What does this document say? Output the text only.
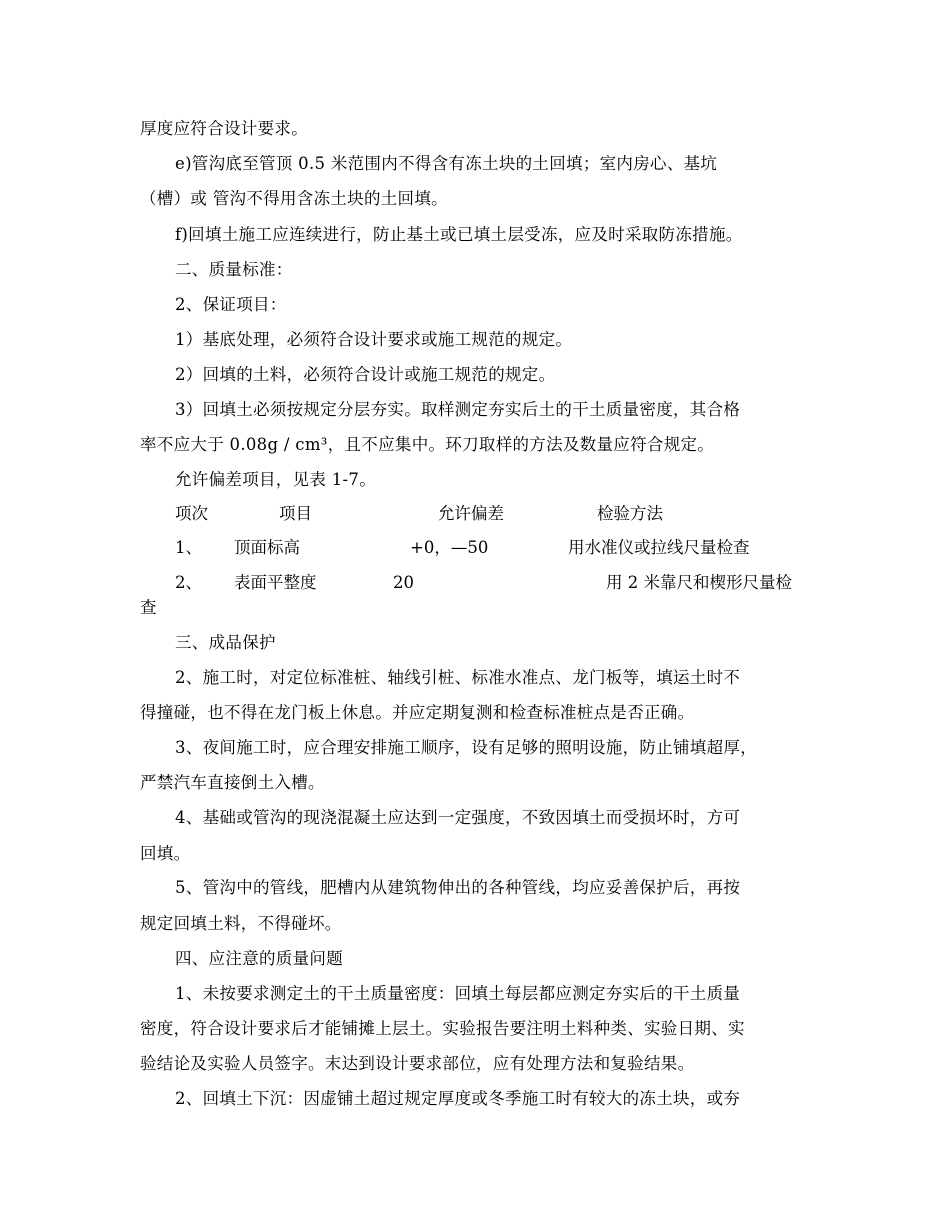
厚度应符合设计要求。
e)管沟底至管顶 0.5 米范围内不得含有冻土块的土回填；室内房心、基坑
（槽）或 管沟不得用含冻土块的土回填。
f)回填土施工应连续进行，防止基土或已填土层受冻，应及时采取防冻措施。
二、质量标准：
2、保证项目：
1）基底处理，必须符合设计要求或施工规范的规定。
2）回填的土料，必须符合设计或施工规范的规定。
3）回填土必须按规定分层夯实。取样测定夯实后土的干土质量密度，其合格
率不应大于 0.08g / cm³，且不应集中。环刀取样的方法及数量应符合规定。
允许偏差项目，见表 1-7。
项次	项目	允许偏差	检验方法
1、 顶面标高	+0，—50	用水准仪或拉线尺量检查
2、 表面平整度	20	用 2 米靠尺和楔形尺量检
查
三、成品保护
2、施工时，对定位标准桩、轴线引桩、标准水准点、龙门板等，填运土时不
得撞碰，也不得在龙门板上休息。并应定期复测和检查标准桩点是否正确。
3、夜间施工时，应合理安排施工顺序，设有足够的照明设施，防止铺填超厚，
严禁汽车直接倒土入槽。
4、基础或管沟的现浇混凝土应达到一定强度，不致因填土而受损坏时，方可
回填。
5、管沟中的管线，肥槽内从建筑物伸出的各种管线，均应妥善保护后，再按
规定回填土料，不得碰坏。
四、应注意的质量问题
1、未按要求测定土的干土质量密度：回填土每层都应测定夯实后的干土质量
密度，符合设计要求后才能铺摊上层土。实验报告要注明土料种类、实验日期、实
验结论及实验人员签字。末达到设计要求部位，应有处理方法和复验结果。
2、回填土下沉：因虚铺土超过规定厚度或冬季施工时有较大的冻土块，或夯
